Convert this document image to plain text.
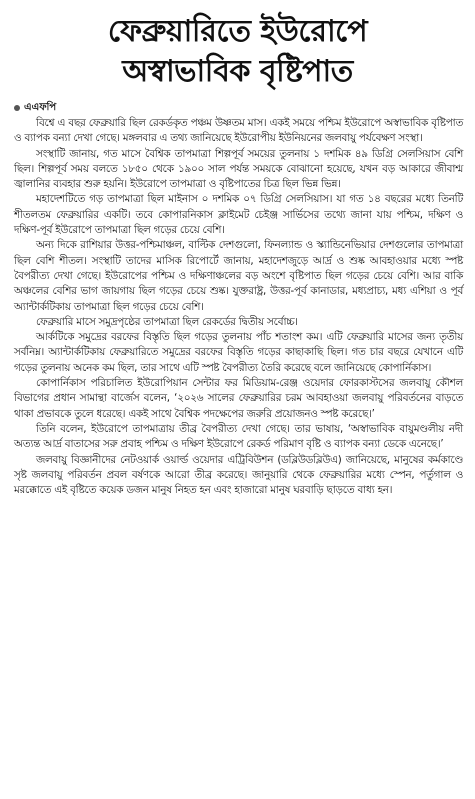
ফেব্রুয়ারিতে ইউরোপে
অস্বাভাবিক বৃষ্টিপাত
এএফপি

বিশ্বে এ বছর ফেব্রুয়ারি ছিল রেকর্ডকৃত পঞ্চম উষ্ণতম মাস। একই সময়ে পশ্চিম ইউরোপে অস্বাভাবিক বৃষ্টিপাত ও ব্যাপক বন্যা দেখা গেছে। মঙ্গলবার এ তথ্য জানিয়েছে ইউরোপীয় ইউনিয়নের জলবায়ু পর্যবেক্ষণ সংস্থা।

সংস্থাটি জানায়, গত মাসে বৈশ্বিক তাপমাত্রা শিল্পপূর্ব সময়ের তুলনায় ১ দশমিক ৪৯ ডিগ্রি সেলসিয়াস বেশি ছিল। শিল্পপূর্ব সময় বলতে ১৮৫০ থেকে ১৯০০ সাল পর্যন্ত সময়কে বোঝানো হয়েছে, যখন বড় আকারে জীবাশ্ম জ্বালানির ব্যবহার শুরু হয়নি। ইউরোপে তাপমাত্রা ও বৃষ্টিপাতের চিত্র ছিল ভিন্ন ভিন্ন।

মহাদেশটিতে গড় তাপমাত্রা ছিল মাইনাস ০ দশমিক ০৭ ডিগ্রি সেলসিয়াস। যা গত ১৪ বছরের মধ্যে তিনটি শীতলতম ফেব্রুয়ারির একটি। তবে কোপারনিকাস ক্লাইমেট চেইঞ্জ সার্ভিসের তথ্যে জানা যায় পশ্চিম, দক্ষিণ ও দক্ষিণ-পূর্ব ইউরোপে তাপমাত্রা ছিল গড়ের চেয়ে বেশি।

অন্য দিকে রাশিয়ার উত্তর-পশ্চিমাঞ্চল, বাল্টিক দেশগুলো, ফিনল্যান্ড ও স্ক্যান্ডিনেভিয়ার দেশগুলোর তাপমাত্রা ছিল বেশি শীতল। সংস্থাটি তাদের মাসিক রিপোর্টে জানায়, মহাদেশজুড়ে আর্দ্র ও শুষ্ক আবহাওয়ার মধ্যে স্পষ্ট বৈপরীত্য দেখা গেছে। ইউরোপের পশ্চিম ও দক্ষিণাঞ্চলের বড় অংশে বৃষ্টিপাত ছিল গড়ের চেয়ে বেশি। আর বাকি অঞ্চলের বেশির ভাগ জায়গায় ছিল গড়ের চেয়ে শুষ্ক। যুক্তরাষ্ট্র, উত্তর-পূর্ব কানাডার, মধ্যপ্রাচ্য, মধ্য এশিয়া ও পূর্ব অ্যান্টার্কটিকায় তাপমাত্রা ছিল গড়ের চেয়ে বেশি।

ফেব্রুয়ারি মাসে সমুদ্রপৃষ্ঠের তাপমাত্রা ছিল রেকর্ডের দ্বিতীয় সর্বোচ্চ।

আর্কটিকে সমুদ্রের বরফের বিস্তৃতি ছিল গড়ের তুলনায় পাঁচ শতাংশ কম। এটি ফেব্রুয়ারি মাসের জন্য তৃতীয় সর্বনিম্ন। অ্যান্টার্কটিকায় ফেব্রুয়ারিতে সমুদ্রের বরফের বিস্তৃতি গড়ের কাছাকাছি ছিল। গত চার বছরে যেখানে এটি গড়ের তুলনায় অনেক কম ছিল, তার সাথে এটি স্পষ্ট বৈপরীত্য তৈরি করেছে বলে জানিয়েছে কোপার্নিকাস।

কোপার্নিকাস পরিচালিত ইউরোপিয়ান সেন্টার ফর মিডিয়াম-রেঞ্জ ওয়েদার ফোরকাস্টসের জলবায়ু কৌশল বিভাগের প্রধান সামান্থা বার্জেস বলেন, ‘২০২৬ সালের ফেব্রুয়ারির চরম আবহাওয়া জলবায়ু পরিবর্তনের বাড়তে থাকা প্রভাবকে তুলে ধরেছে। একই সাথে বৈশ্বিক পদক্ষেপের জরুরি প্রয়োজনও স্পষ্ট করেছে।’

তিনি বলেন, ইউরোপে তাপমাত্রায় তীব্র বৈপরীত্য দেখা গেছে। তার ভাষায়, ‘অস্বাভাবিক বায়ুমণ্ডলীয় নদী অত্যন্ত আর্দ্র বাতাসের সরু প্রবাহ পশ্চিম ও দক্ষিণ ইউরোপে রেকর্ড পরিমাণ বৃষ্টি ও ব্যাপক বন্যা ডেকে এনেছে।’

জলবায়ু বিজ্ঞানীদের নেটওয়ার্ক ওয়ার্ল্ড ওয়েদার এট্রিবিউশন (ডব্লিউডব্লিউএ) জানিয়েছে, মানুষের কর্মকাণ্ডে সৃষ্ট জলবায়ু পরিবর্তন প্রবল বর্ষণকে আরো তীব্র করেছে। জানুয়ারি থেকে ফেব্রুয়ারির মধ্যে স্পেন, পর্তুগাল ও মরক্কোতে এই বৃষ্টিতে কয়েক ডজন মানুষ নিহত হন এবং হাজারো মানুষ ঘরবাড়ি ছাড়তে বাধ্য হন।
